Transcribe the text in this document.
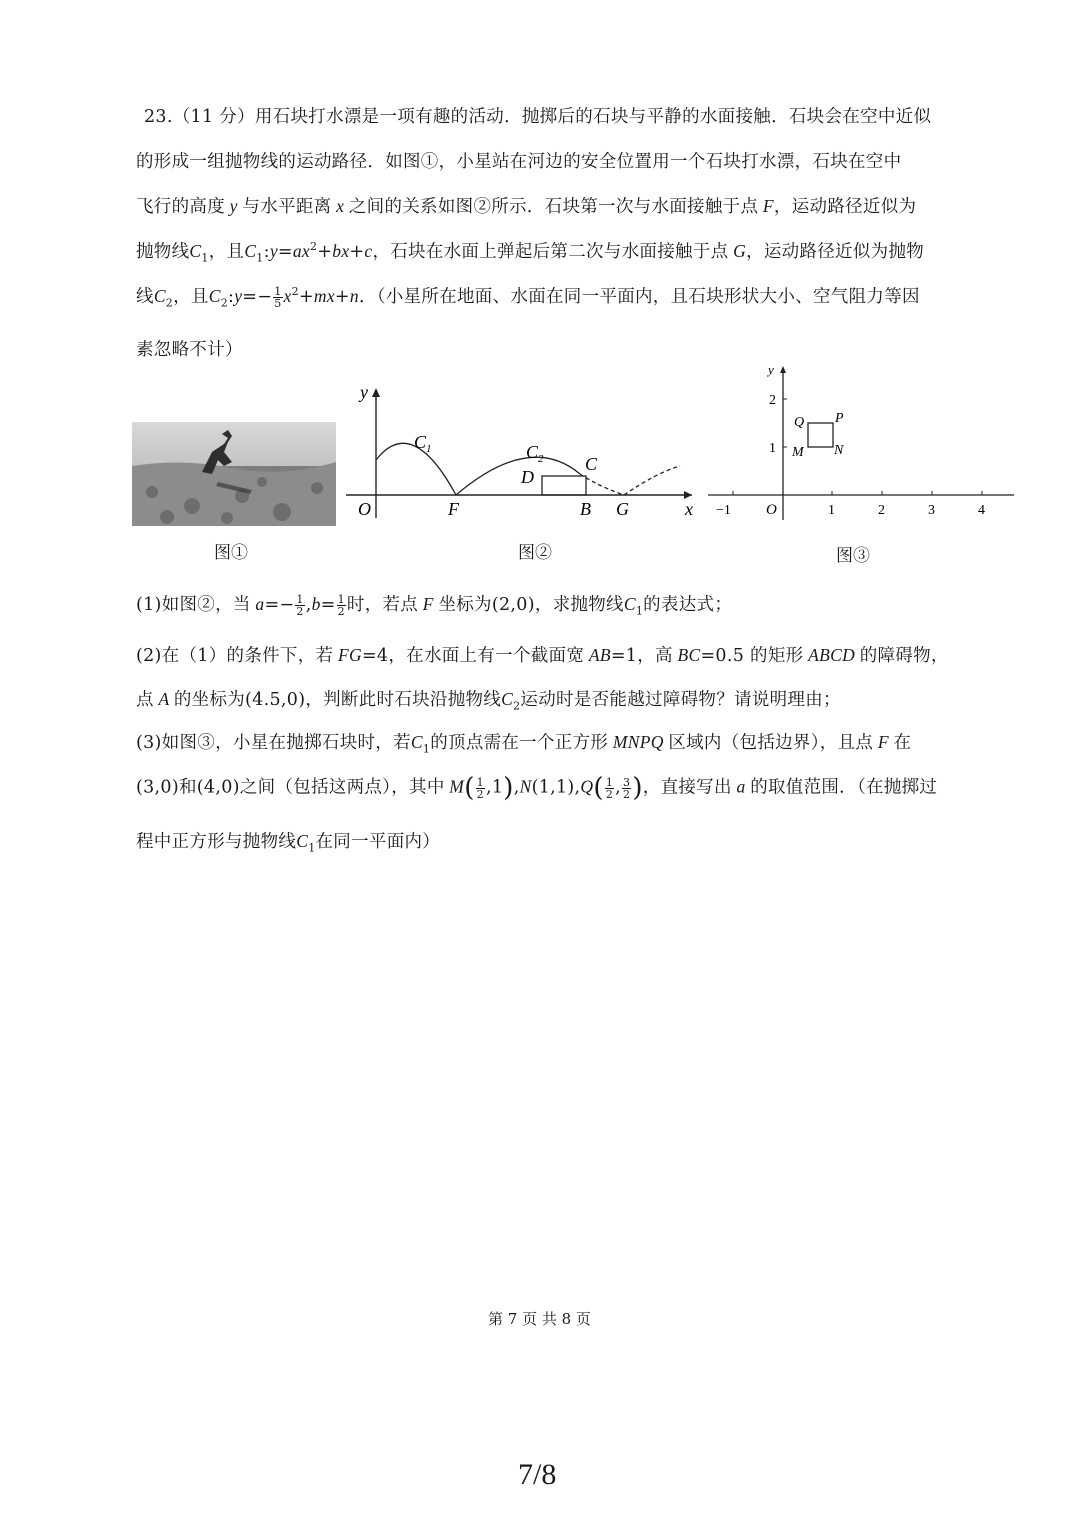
23.（11 分）用石块打水漂是一项有趣的活动．抛掷后的石块与平静的水面接触．石块会在空中近似
的形成一组抛物线的运动路径．如图①，小星站在河边的安全位置用一个石块打水漂，石块在空中
飞行的高度 y 与水平距离 x 之间的关系如图②所示．石块第一次与水面接触于点 F，运动路径近似为
抛物线$C_1$，且$C_1:y=ax^2+bx+c$，石块在水面上弹起后第二次与水面接触于点 G，运动路径近似为抛物
线$C_2$，且$C_2:y=- \frac{1}{5} x^2+mx+n$．（小星所在地面、水面在同一平面内，且石块形状大小、空气阻力等因
素忽略不计）
图①
y
x
O	F	B G
$C_1$	$C_2$ C
D
图②
y
O
−1	1	2	3	4
1
2
Q P
M N
图③
(1)如图②，当 $a=- \frac{1}{2} ,b= \frac{1}{2}$ 时，若点 F 坐标为(2,0)，求抛物线$C_1$的表达式；
(2)在（1）的条件下，若 FG=4，在水面上有一个截面宽 AB=1，高 BC=0.5 的矩形 ABCD 的障碍物，
点 A 的坐标为(4.5,0)，判断此时石块沿抛物线$C_2$运动时是否能越过障碍物？请说明理由；
(3)如图③，小星在抛掷石块时，若$C_1$的顶点需在一个正方形 MNPQ 区域内（包括边界），且点 F 在
(3,0)和(4,0)之间（包括这两点），其中 $M( \frac{1}{2} ,1),N(1,1),Q( \frac{1}{2}$ , $\frac{3}{2}$ )，直接写出 a 的取值范围．（在抛掷过
程中正方形与抛物线$C_1$在同一平面内）
第 7 页 共 8 页
7/8
